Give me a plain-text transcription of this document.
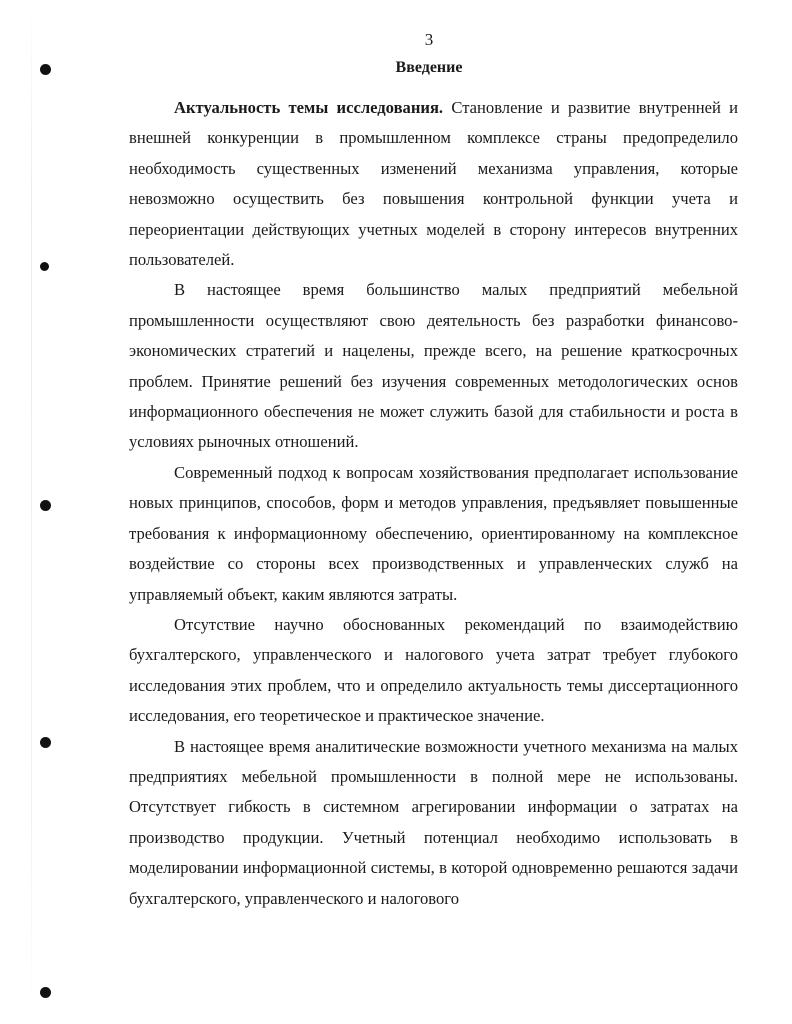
3
Введение

Актуальность темы исследования. Становление и развитие внутренней и внешней конкуренции в промышленном комплексе страны предопределило необходимость существенных изменений механизма управления, которые невозможно осуществить без повышения контрольной функции учета и переориентации действующих учетных моделей в сторону интересов внутренних пользователей.

В настоящее время большинство малых предприятий мебельной промышленности осуществляют свою деятельность без разработки финансово-экономических стратегий и нацелены, прежде всего, на решение краткосрочных проблем. Принятие решений без изучения современных методологических основ информационного обеспечения не может служить базой для стабильности и роста в условиях рыночных отношений.

Современный подход к вопросам хозяйствования предполагает использование новых принципов, способов, форм и методов управления, предъявляет повышенные требования к информационному обеспечению, ориентированному на комплексное воздействие со стороны всех производственных и управленческих служб на управляемый объект, каким являются затраты.

Отсутствие научно обоснованных рекомендаций по взаимодействию бухгалтерского, управленческого и налогового учета затрат требует глубокого исследования этих проблем, что и определило актуальность темы диссертационного исследования, его теоретическое и практическое значение.

В настоящее время аналитические возможности учетного механизма на малых предприятиях мебельной промышленности в полной мере не использованы. Отсутствует гибкость в системном агрегировании информации о затратах на производство продукции. Учетный потенциал необходимо использовать в моделировании информационной системы, в которой одновременно решаются задачи бухгалтерского, управленческого и налогового
